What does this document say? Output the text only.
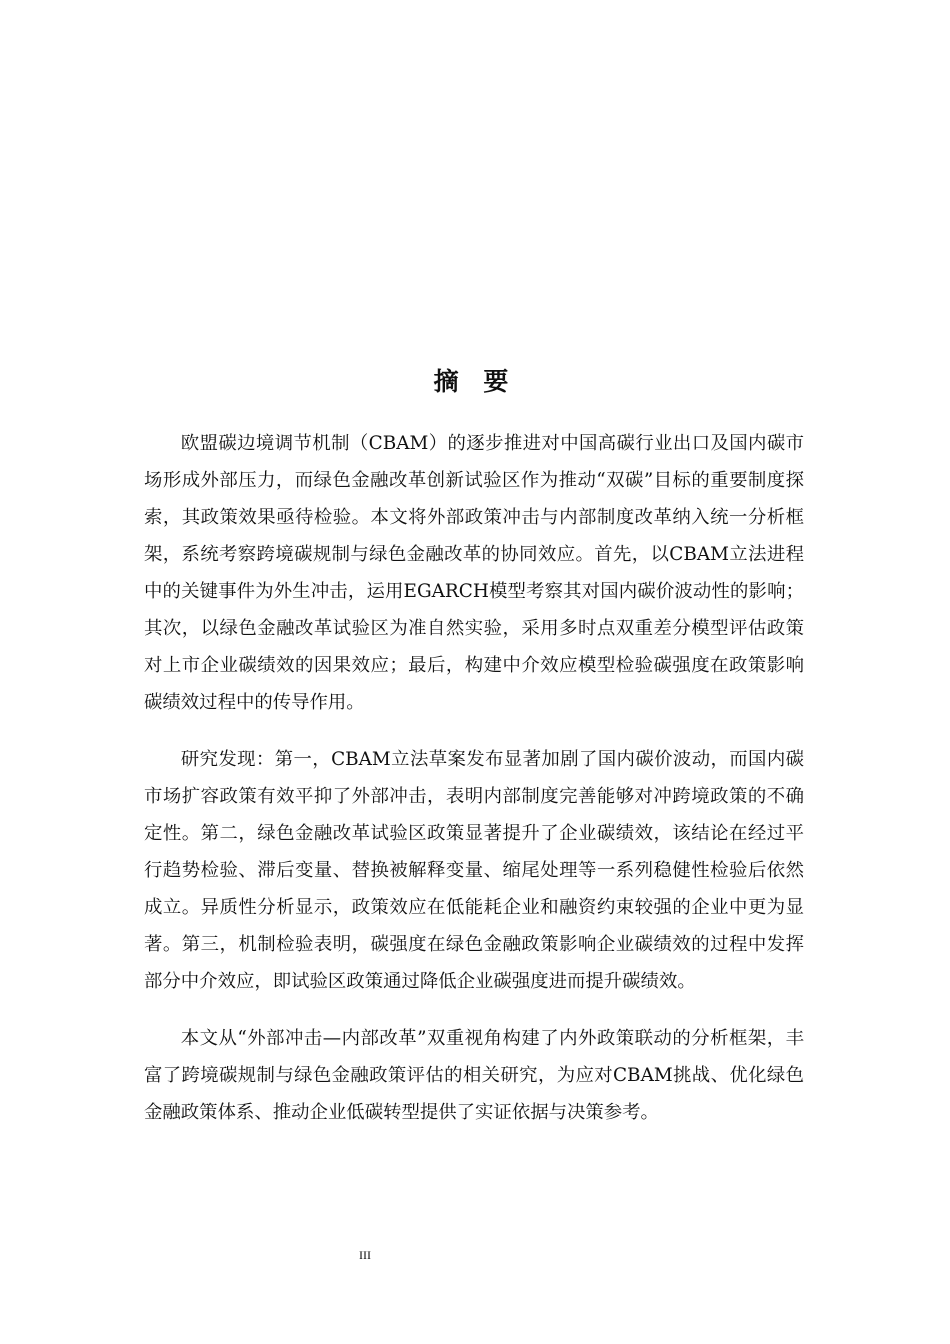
摘 要

欧盟碳边境调节机制（CBAM）的逐步推进对中国高碳行业出口及国内碳市场形成外部压力，而绿色金融改革创新试验区作为推动“双碳”目标的重要制度探索，其政策效果亟待检验。本文将外部政策冲击与内部制度改革纳入统一分析框架，系统考察跨境碳规制与绿色金融改革的协同效应。首先，以CBAM立法进程中的关键事件为外生冲击，运用EGARCH模型考察其对国内碳价波动性的影响；其次，以绿色金融改革试验区为准自然实验，采用多时点双重差分模型评估政策对上市企业碳绩效的因果效应；最后，构建中介效应模型检验碳强度在政策影响碳绩效过程中的传导作用。

研究发现：第一，CBAM立法草案发布显著加剧了国内碳价波动，而国内碳市场扩容政策有效平抑了外部冲击，表明内部制度完善能够对冲跨境政策的不确定性。第二，绿色金融改革试验区政策显著提升了企业碳绩效，该结论在经过平行趋势检验、滞后变量、替换被解释变量、缩尾处理等一系列稳健性检验后依然成立。异质性分析显示，政策效应在低能耗企业和融资约束较强的企业中更为显著。第三，机制检验表明，碳强度在绿色金融政策影响企业碳绩效的过程中发挥部分中介效应，即试验区政策通过降低企业碳强度进而提升碳绩效。

本文从“外部冲击—内部改革”双重视角构建了内外政策联动的分析框架，丰富了跨境碳规制与绿色金融政策评估的相关研究，为应对CBAM挑战、优化绿色金融政策体系、推动企业低碳转型提供了实证依据与决策参考。

III
